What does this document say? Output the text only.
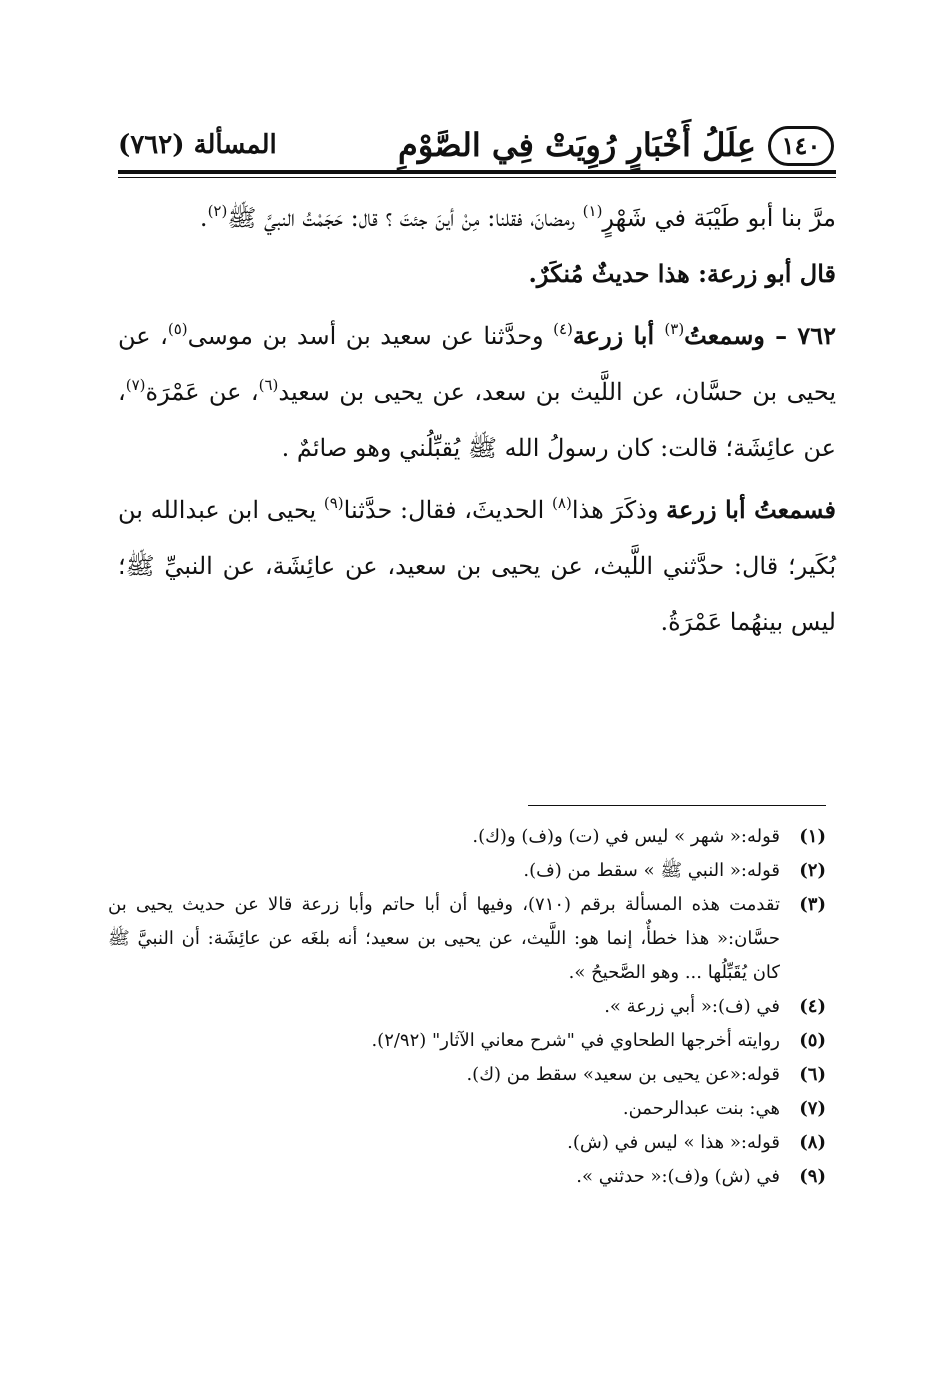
١٤٠
عِلَلُ أَخْبَارٍ رُوِيَتْ فِي الصَّوْمِ
المسألة (٧٦٢)

مرَّ بنا أبو طَيْبَة في شَهْرٍ$^{(١)}$ رمضانَ، فقلنا: مِنْ أينَ جئتَ ؟ قال: حَجَمْتُ النبيَّ ﷺ$^{(٢)}$.

قال أبو زرعة: هذا حديثٌ مُنكَرٌ.

٧٦٢ – وسمعتُ$^{(٣)}$ أبا زرعة$^{(٤)}$ وحدَّثنا عن سعيد بن أسد بن موسى$^{(٥)}$، عن يحيى بن حسَّان، عن اللَّيث بن سعد، عن يحيى بن سعيد$^{(٦)}$، عن عَمْرَة$^{(٧)}$، عن عائِشَة؛ قالت: كان رسولُ الله ﷺ يُقبِّلُني وهو صائمٌ .

فسمعتُ أبا زرعة وذكَرَ هذا$^{(٨)}$ الحديثَ، فقال: حدَّثنا$^{(٩)}$ يحيى ابن عبدالله بن بُكَير؛ قال: حدَّثني اللَّيث، عن يحيى بن سعيد، عن عائِشَة، عن النبيِّ ﷺ؛ ليس بينهُما عَمْرَةُ.

(١)
قوله:« شهر » ليس في (ت) و(ف) و(ك).
(٢)
قوله:« النبي ﷺ » سقط من (ف).
(٣)
تقدمت هذه المسألة برقم (٧١٠)، وفيها أن أبا حاتم وأبا زرعة قالا عن حديث يحيى بن حسَّان:« هذا خطأٌ، إنما هو: اللَّيث، عن يحيى بن سعيد؛ أنه بلغَه عن عائِشَة: أن النبيَّ ﷺ كان يُقَبِّلُها ... وهو الصَّحيحُ ».
(٤)
في (ف):« أبي زرعة ».
(٥)
روايته أخرجها الطحاوي في "شرح معاني الآثار" (٢/٩٢).
(٦)
قوله:«عن يحيى بن سعيد» سقط من (ك).
(٧)
هي: بنت عبدالرحمن.
(٨)
قوله:« هذا » ليس في (ش).
(٩)
في (ش) و(ف):« حدثني ».
